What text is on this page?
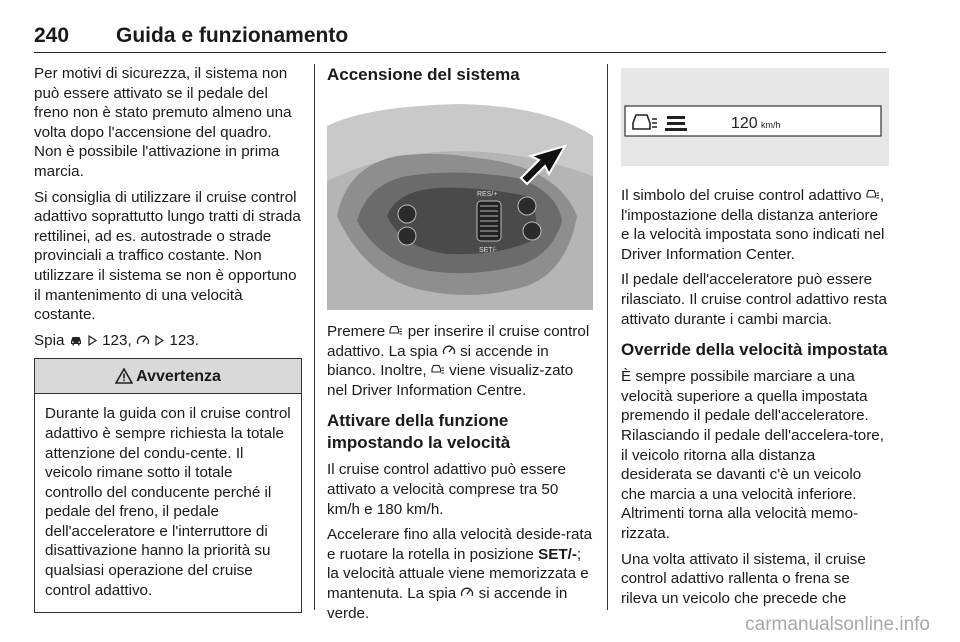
240 Guida e funzionamento

Per motivi di sicurezza, il sistema non può essere attivato se il pedale del freno non è stato premuto almeno una volta dopo l'accensione del quadro. Non è possibile l'attivazione in prima marcia.

Si consiglia di utilizzare il cruise control adattivo soprattutto lungo tratti di strada rettilinei, ad es. autostrade o strade provinciali a traffico costante. Non utilizzare il sistema se non è opportuno il mantenimento di una velocità costante.

Spia 123, 123.

Avvertenza
Durante la guida con il cruise control adattivo è sempre richiesta la totale attenzione del condu-cente. Il veicolo rimane sotto il totale controllo del conducente perché il pedale del freno, il pedale dell'acceleratore e l'interruttore di disattivazione hanno la priorità su qualsiasi operazione del cruise control adattivo.
Accensione del sistema
RES/+
SET/-

Premere per inserire il cruise control adattivo. La spia si accende in bianco. Inoltre, viene visualiz-zato nel Driver Information Centre.

Attivare della funzione impostando la velocità

Il cruise control adattivo può essere attivato a velocità comprese tra 50 km/h e 180 km/h.

Accelerare fino alla velocità deside-rata e ruotare la rotella in posizione SET/-; la velocità attuale viene memorizzata e mantenuta. La spia si accende in verde.

120 km/h

Il simbolo del cruise control adattivo , l'impostazione della distanza anteriore e la velocità impostata sono indicati nel Driver Information Center.

Il pedale dell'acceleratore può essere rilasciato. Il cruise control adattivo resta attivato durante i cambi marcia.

Override della velocità impostata

È sempre possibile marciare a una velocità superiore a quella impostata premendo il pedale dell'acceleratore. Rilasciando il pedale dell'accelera-tore, il veicolo ritorna alla distanza desiderata se davanti c'è un veicolo che marcia a una velocità inferiore. Altrimenti torna alla velocità memo-rizzata.

Una volta attivato il sistema, il cruise control adattivo rallenta o frena se rileva un veicolo che precede che

carmanualsonline.info
